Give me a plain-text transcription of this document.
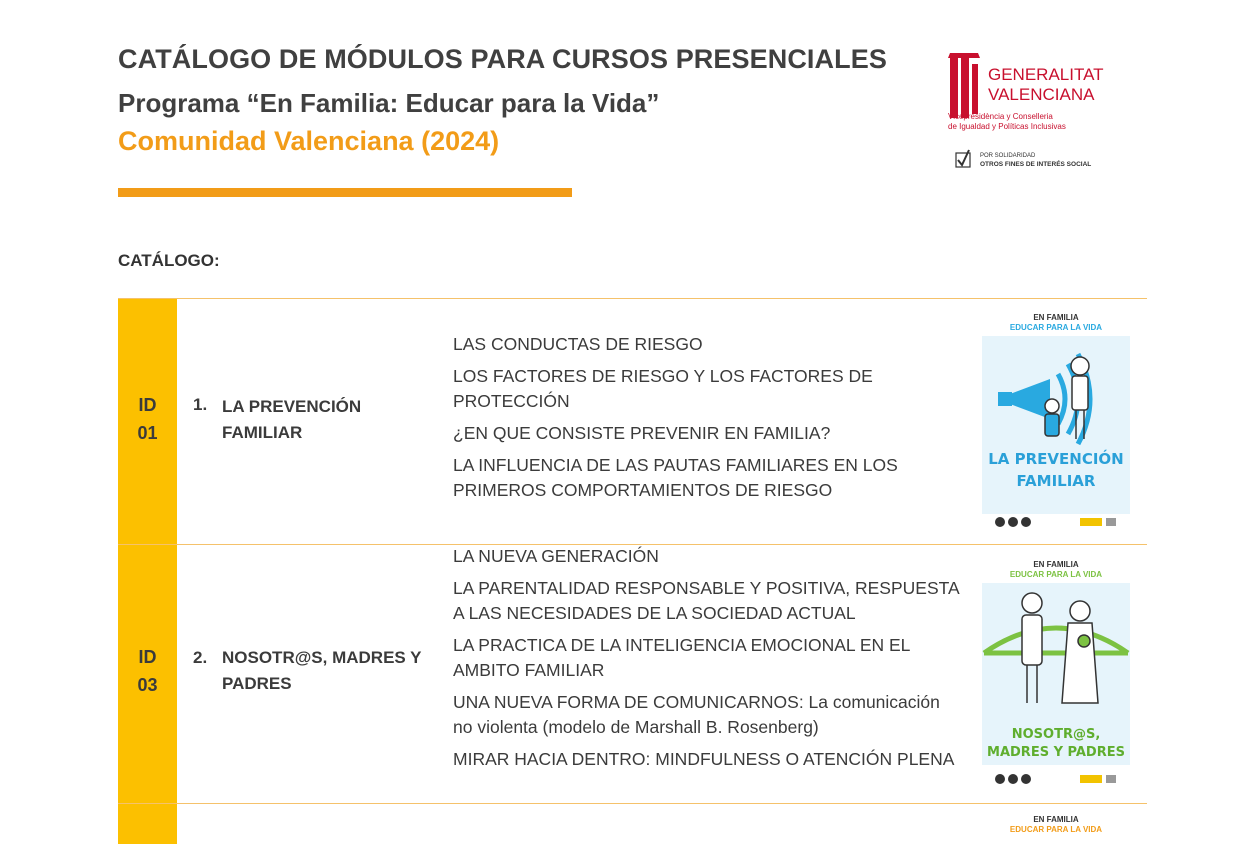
CATÁLOGO DE MÓDULOS PARA CURSOS PRESENCIALES
Programa “En Familia: Educar para la Vida”
Comunidad Valenciana (2024)
GENERALITAT
VALENCIANA
Vicepresidència y Conselleria
de Igualdad y Políticas Inclusivas
POR SOLIDARIDAD
OTROS FINES DE INTERÉS SOCIAL
CATÁLOGO:
ID
01
1. LA PREVENCIÓN FAMILIAR
LAS CONDUCTAS DE RIESGO
LOS FACTORES DE RIESGO Y LOS FACTORES DE PROTECCIÓN
¿EN QUE CONSISTE PREVENIR EN FAMILIA?
LA INFLUENCIA DE LAS PAUTAS FAMILIARES EN LOS PRIMEROS COMPORTAMIENTOS DE RIESGO
EN FAMILIA
EDUCAR PARA LA VIDA
LA PREVENCIÓN
FAMILIAR
ID
03
2. NOSOTR@S, MADRES Y PADRES
LA NUEVA GENERACIÓN
LA PARENTALIDAD RESPONSABLE Y POSITIVA, RESPUESTA A LAS NECESIDADES DE LA SOCIEDAD ACTUAL
LA PRACTICA DE LA INTELIGENCIA EMOCIONAL EN EL AMBITO FAMILIAR
UNA NUEVA FORMA DE COMUNICARNOS: La comunicación no violenta (modelo de Marshall B. Rosenberg)
MIRAR HACIA DENTRO: MINDFULNESS O ATENCIÓN PLENA
EN FAMILIA
EDUCAR PARA LA VIDA
NOSOTR@S,
MADRES Y PADRES
EN FAMILIA
EDUCAR PARA LA VIDA
